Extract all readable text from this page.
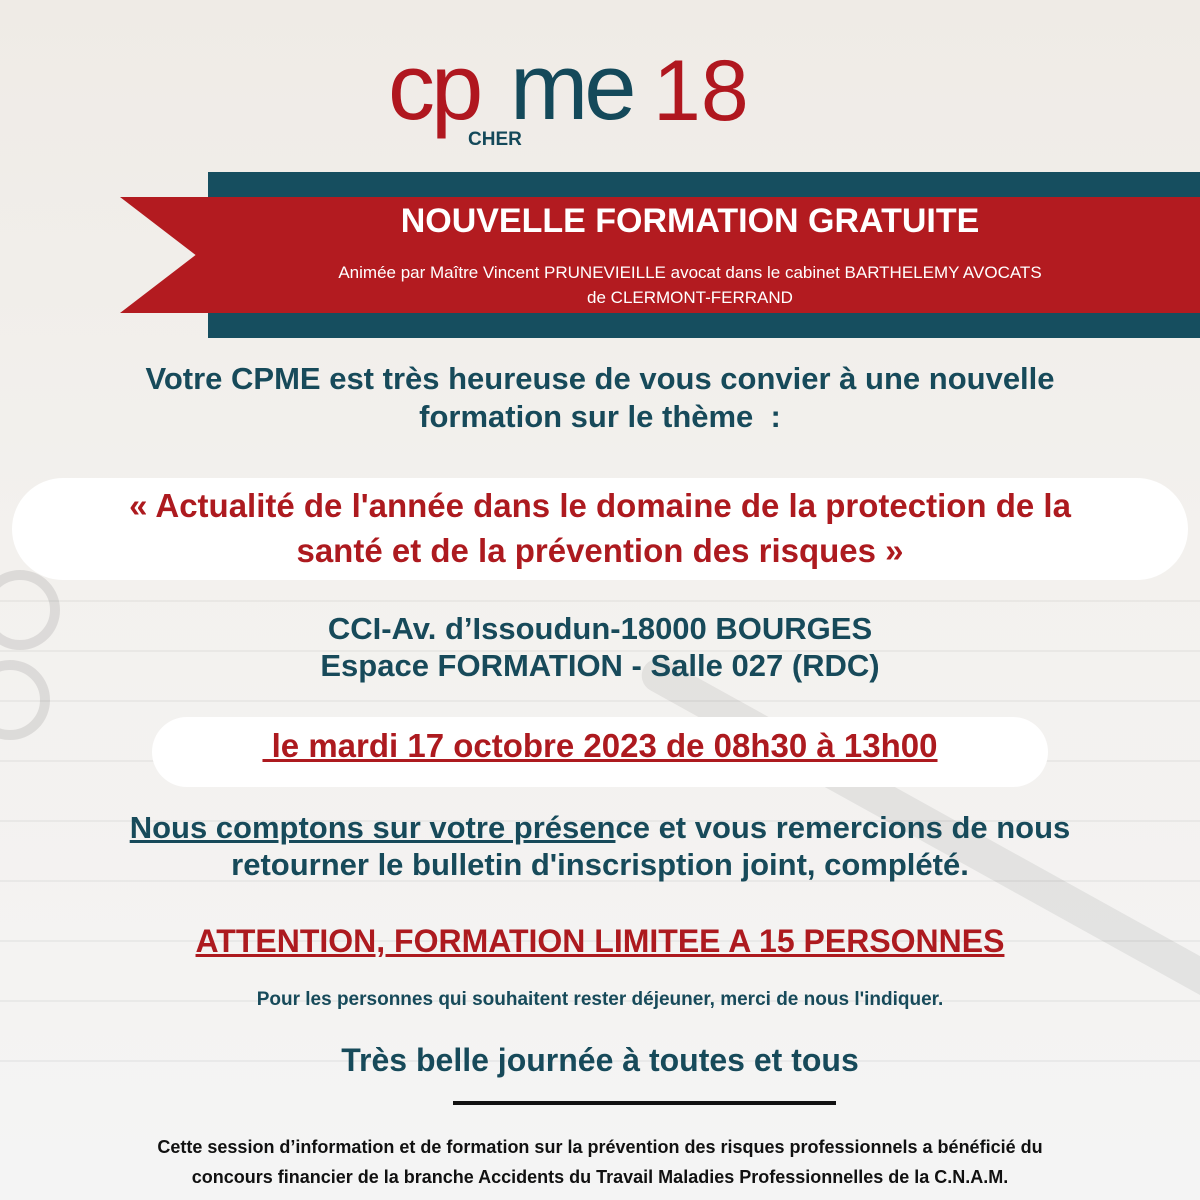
cp me 18
CHER
NOUVELLE FORMATION GRATUITE
Animée par Maître Vincent PRUNEVIEILLE avocat dans le cabinet BARTHELEMY AVOCATS
de CLERMONT-FERRAND
Votre CPME est très heureuse de vous convier à une nouvelle
formation sur le thème  :
« Actualité de l'année dans le domaine de la protection de la
santé et de la prévention des risques »
CCI-Av. d’Issoudun-18000 BOURGES
Espace FORMATION - Salle 027 (RDC)
le mardi 17 octobre 2023 de 08h30 à 13h00
Nous comptons sur votre présence et vous remercions de nous
retourner le bulletin d'inscrisption joint, complété.
ATTENTION, FORMATION LIMITEE A 15 PERSONNES
Pour les personnes qui souhaitent rester déjeuner, merci de nous l'indiquer.
Très belle journée à toutes et tous
Cette session d’information et de formation sur la prévention des risques professionnels a bénéficié du
concours financier de la branche Accidents du Travail Maladies Professionnelles de la C.N.A.M.
